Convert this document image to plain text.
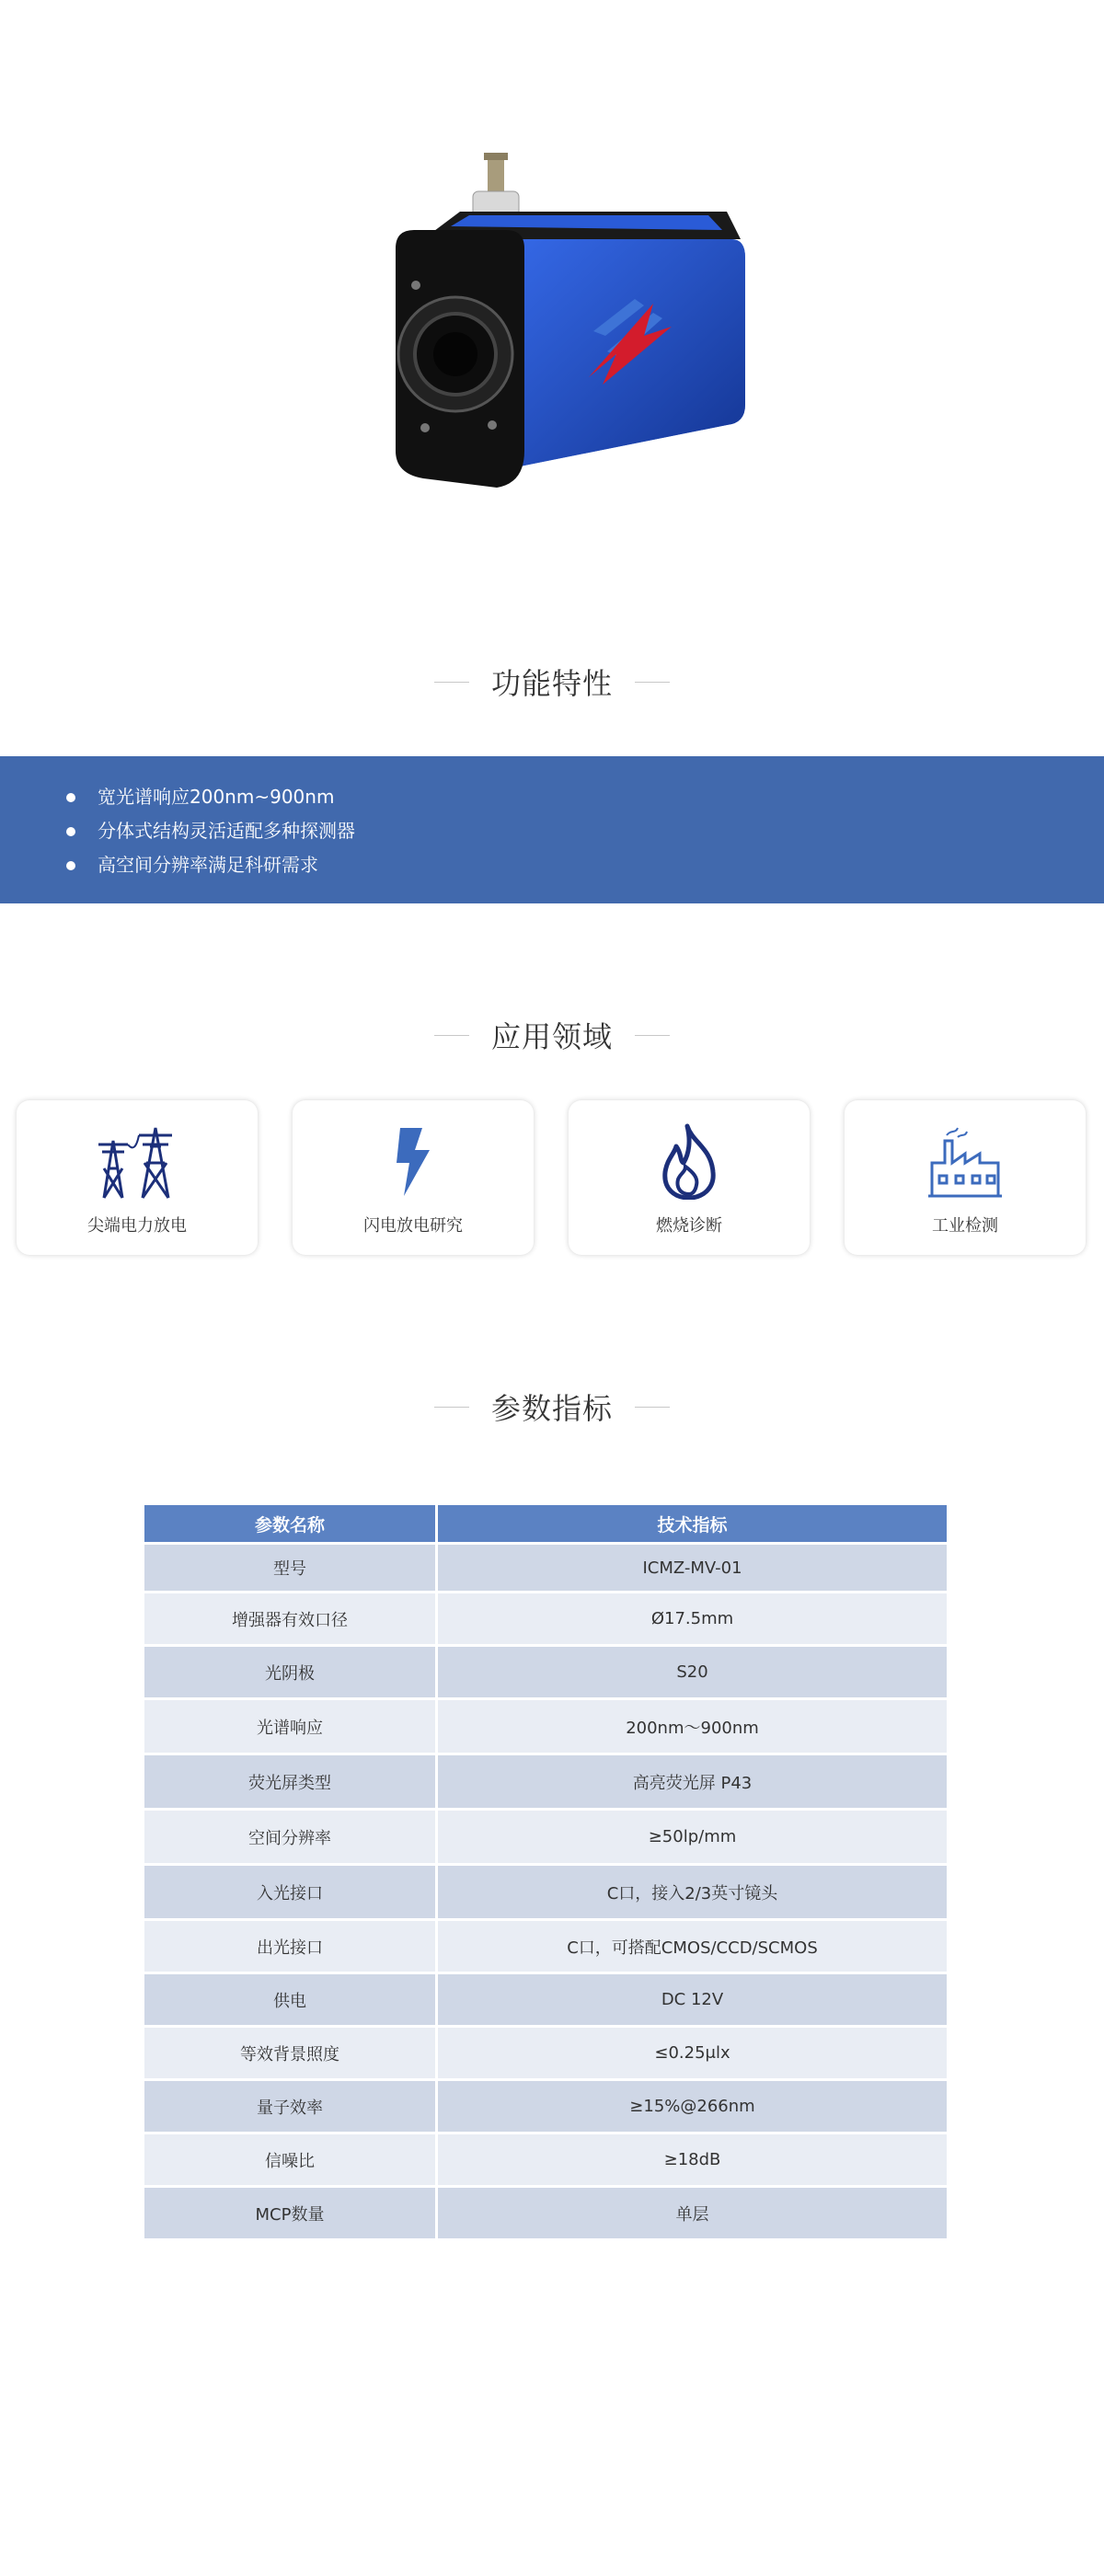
功能特性
宽光谱响应200nm~900nm
分体式结构灵活适配多种探测器
高空间分辨率满足科研需求
应用领域
尖端电力放电	闪电放电研究	燃烧诊断	工业检测
参数指标
参数名称	技术指标
型号	ICMZ-MV-01
增强器有效口径	Ø17.5mm
光阴极	S20
光谱响应	200nm～900nm
荧光屏类型	高亮荧光屏 P43
空间分辨率	≥50lp/mm
入光接口	C口，接入2/3英寸镜头
出光接口	C口，可搭配CMOS/CCD/SCMOS
供电	DC 12V
等效背景照度	≤0.25μlx
量子效率	≥15%@266nm
信噪比	≥18dB
MCP数量	单层
